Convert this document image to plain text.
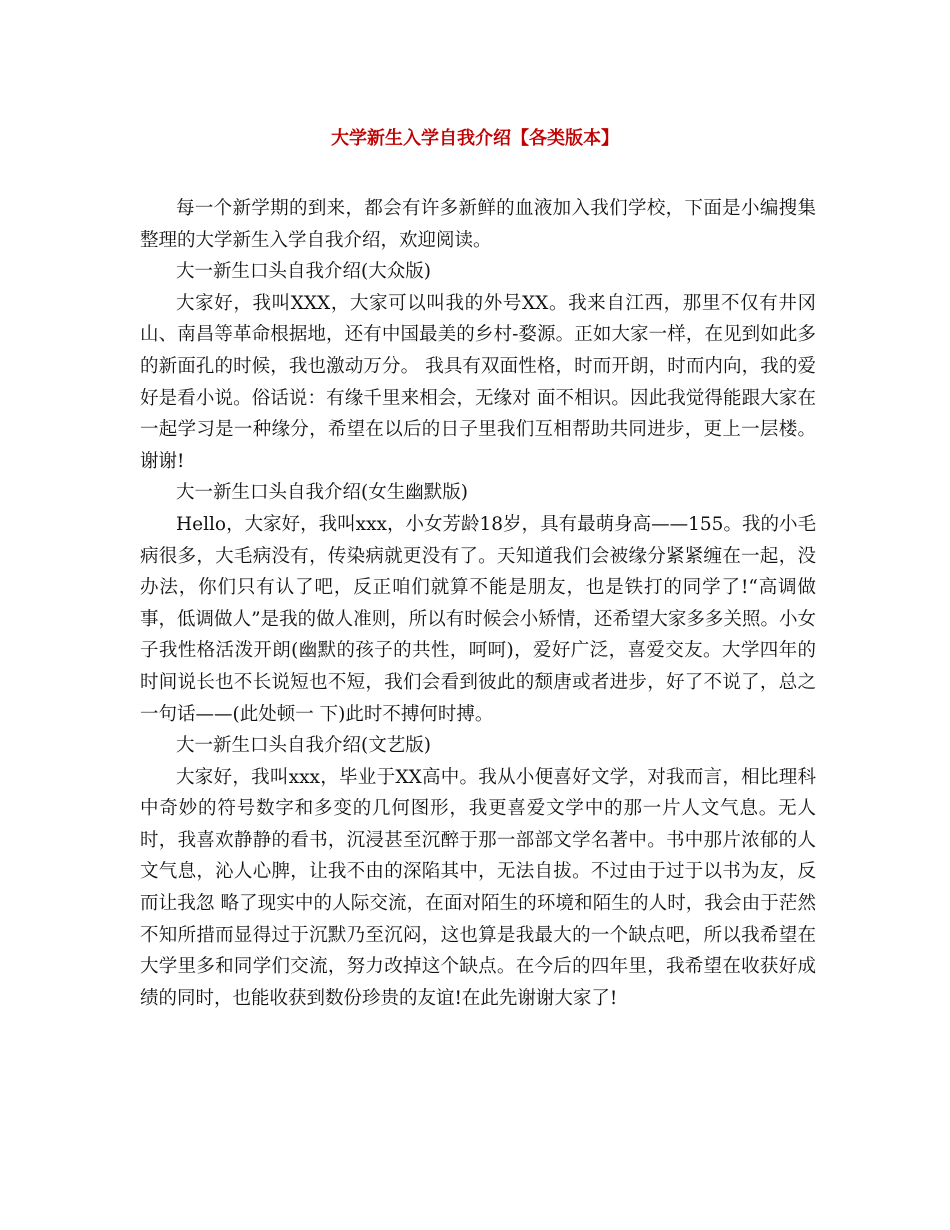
大学新生入学自我介绍【各类版本】

每一个新学期的到来，都会有许多新鲜的血液加入我们学校，下面是小编搜集整理的大学新生入学自我介绍，欢迎阅读。

大一新生口头自我介绍(大众版)

大家好，我叫XXX，大家可以叫我的外号XX。我来自江西，那里不仅有井冈山、南昌等革命根据地，还有中国最美的乡村-婺源。正如大家一样，在见到如此多的新面孔的时候，我也激动万分。 我具有双面性格，时而开朗，时而内向，我的爱好是看小说。俗话说：有缘千里来相会，无缘对 面不相识。因此我觉得能跟大家在一起学习是一种缘分，希望在以后的日子里我们互相帮助共同进步，更上一层楼。谢谢!

大一新生口头自我介绍(女生幽默版)

Hello，大家好，我叫xxx，小女芳龄18岁，具有最萌身高——155。我的小毛病很多，大毛病没有，传染病就更没有了。天知道我们会被缘分紧紧缠在一起，没办法，你们只有认了吧，反正咱们就算不能是朋友，也是铁打的同学了!“高调做事，低调做人”是我的做人准则，所以有时候会小矫情，还希望大家多多关照。小女子我性格活泼开朗(幽默的孩子的共性，呵呵)，爱好广泛，喜爱交友。大学四年的时间说长也不长说短也不短，我们会看到彼此的颓唐或者进步，好了不说了，总之一句话——(此处顿一 下)此时不搏何时搏。

大一新生口头自我介绍(文艺版)

大家好，我叫xxx，毕业于XX高中。我从小便喜好文学，对我而言，相比理科中奇妙的符号数字和多变的几何图形，我更喜爱文学中的那一片人文气息。无人时，我喜欢静静的看书，沉浸甚至沉醉于那一部部文学名著中。书中那片浓郁的人文气息，沁人心脾，让我不由的深陷其中，无法自拔。不过由于过于以书为友，反而让我忽 略了现实中的人际交流，在面对陌生的环境和陌生的人时，我会由于茫然不知所措而显得过于沉默乃至沉闷，这也算是我最大的一个缺点吧，所以我希望在大学里多和同学们交流，努力改掉这个缺点。在今后的四年里，我希望在收获好成绩的同时，也能收获到数份珍贵的友谊!在此先谢谢大家了!
